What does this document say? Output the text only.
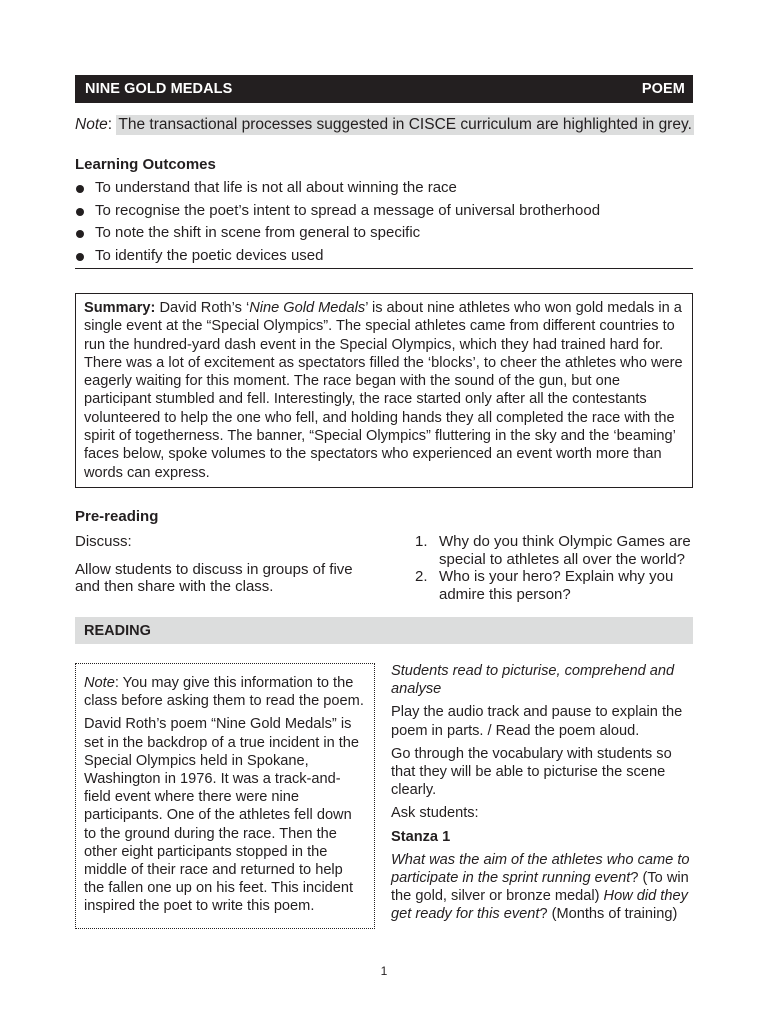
NINE GOLD MEDALS	POEM
Note: The transactional processes suggested in CISCE curriculum are highlighted in grey.
Learning Outcomes
To understand that life is not all about winning the race
To recognise the poet’s intent to spread a message of universal brotherhood
To note the shift in scene from general to specific
To identify the poetic devices used
Summary: David Roth’s ‘Nine Gold Medals’ is about nine athletes who won gold medals in a single event at the “Special Olympics”. The special athletes came from different countries to run the hundred-yard dash event in the Special Olympics, which they had trained hard for. There was a lot of excitement as spectators filled the ‘blocks’, to cheer the athletes who were eagerly waiting for this moment. The race began with the sound of the gun, but one participant stumbled and fell. Interestingly, the race started only after all the contestants volunteered to help the one who fell, and holding hands they all completed the race with the spirit of togetherness. The banner, “Special Olympics” fluttering in the sky and the ‘beaming’ faces below, spoke volumes to the spectators who experienced an event worth more than words can express.
Pre-reading

Discuss:

Allow students to discuss in groups of five and then share with the class.

1. Why do you think Olympic Games are special to athletes all over the world?
2. Who is your hero? Explain why you admire this person?
READING

Note: You may give this information to the class before asking them to read the poem.

David Roth’s poem “Nine Gold Medals” is set in the backdrop of a true incident in the Special Olympics held in Spokane, Washington in 1976. It was a track-and-field event where there were nine participants. One of the athletes fell down to the ground during the race. Then the other eight participants stopped in the middle of their race and returned to help the fallen one up on his feet. This incident inspired the poet to write this poem.

Students read to picturise, comprehend and analyse

Play the audio track and pause to explain the poem in parts. / Read the poem aloud.

Go through the vocabulary with students so that they will be able to picturise the scene clearly.

Ask students:

Stanza 1

What was the aim of the athletes who came to participate in the sprint running event? (To win the gold, silver or bronze medal) How did they get ready for this event? (Months of training)

1
